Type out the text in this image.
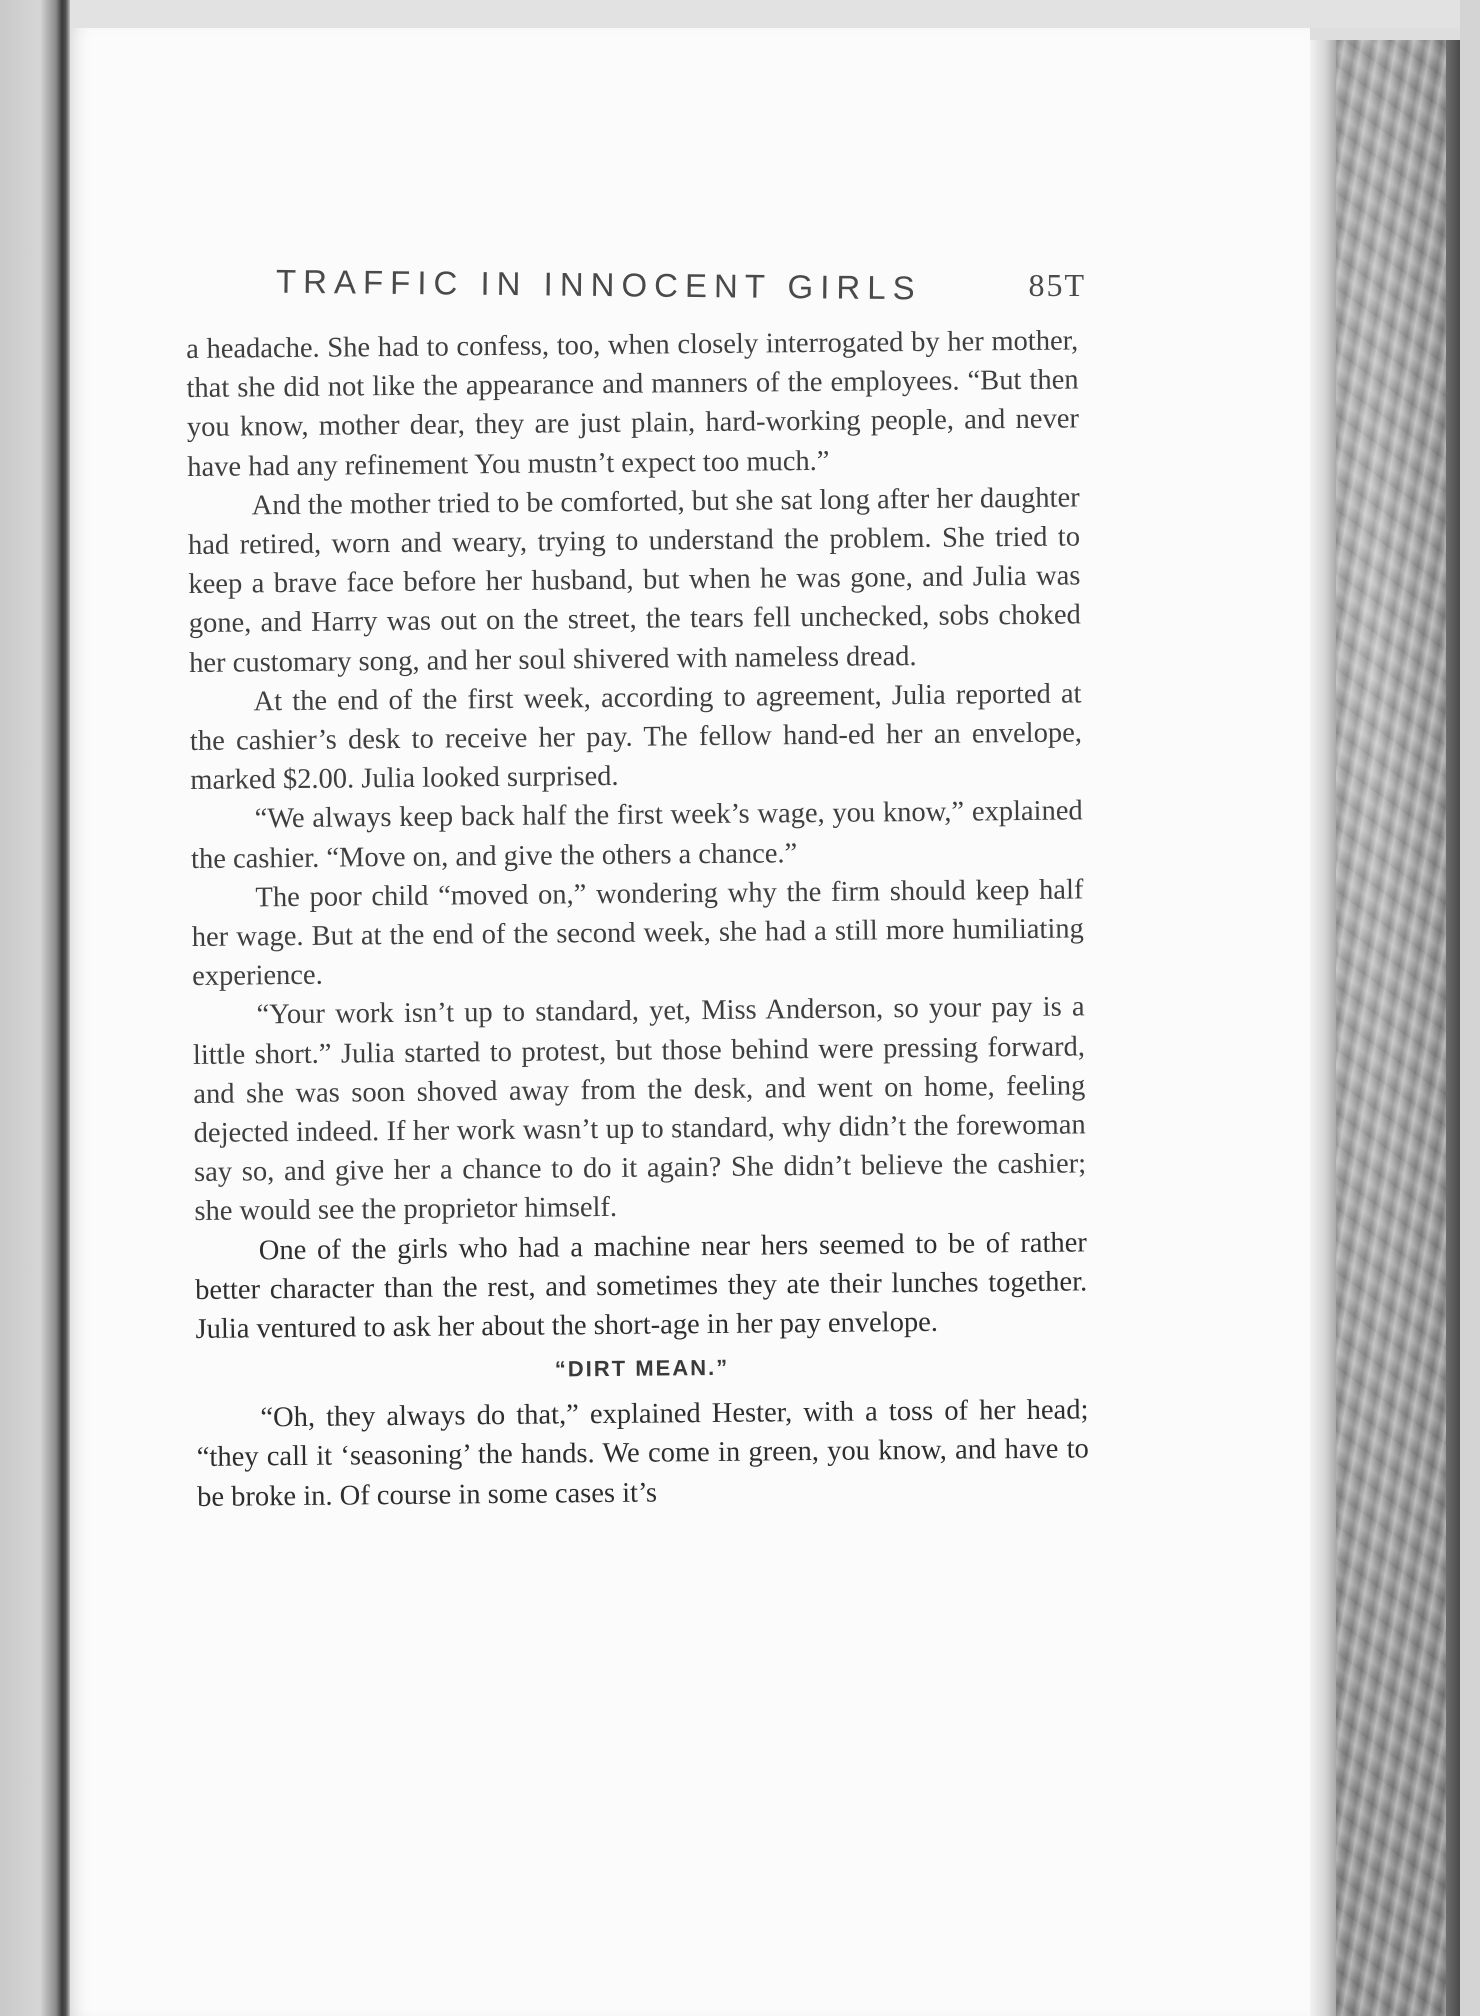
TRAFFIC IN INNOCENT GIRLS	85T

a headache. She had to confess, too, when closely interrogated by her mother, that she did not like the appearance and manners of the employees. “But then you know, mother dear, they are just plain, hard-working people, and never have had any refinement You mustn’t expect too much.”

And the mother tried to be comforted, but she sat long after her daughter had retired, worn and weary, trying to understand the problem. She tried to keep a brave face before her husband, but when he was gone, and Julia was gone, and Harry was out on the street, the tears fell unchecked, sobs choked her customary song, and her soul shivered with nameless dread.

At the end of the first week, according to agreement, Julia reported at the cashier’s desk to receive her pay. The fellow hand-ed her an envelope, marked $2.00. Julia looked surprised.

“We always keep back half the first week’s wage, you know,” explained the cashier. “Move on, and give the others a chance.”

The poor child “moved on,” wondering why the firm should keep half her wage. But at the end of the second week, she had a still more humiliating experience.

“Your work isn’t up to standard, yet, Miss Anderson, so your pay is a little short.” Julia started to protest, but those behind were pressing forward, and she was soon shoved away from the desk, and went on home, feeling dejected indeed. If her work wasn’t up to standard, why didn’t the forewoman say so, and give her a chance to do it again? She didn’t believe the cashier; she would see the proprietor himself.

One of the girls who had a machine near hers seemed to be of rather better character than the rest, and sometimes they ate their lunches together. Julia ventured to ask her about the short-age in her pay envelope.

“DIRT MEAN.”

“Oh, they always do that,” explained Hester, with a toss of her head; “they call it ‘seasoning’ the hands. We come in green, you know, and have to be broke in. Of course in some cases it’s
